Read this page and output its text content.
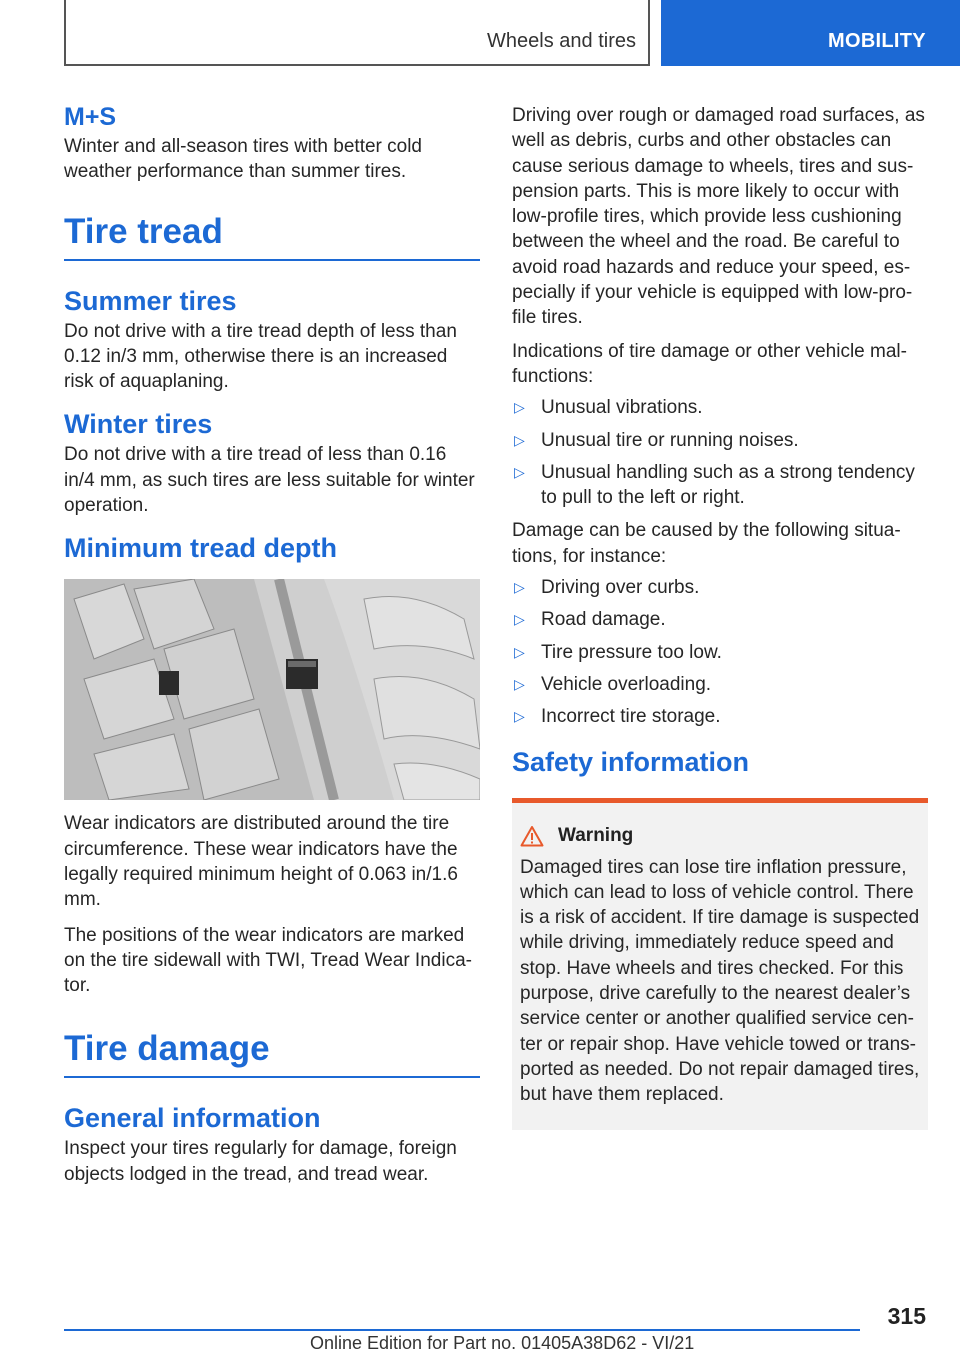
Wheels and tires	MOBILITY
M+S

Winter and all-season tires with better cold weather performance than summer tires.

Tire tread
Summer tires

Do not drive with a tire tread depth of less than 0.12 in/3 mm, otherwise there is an increased risk of aquaplaning.

Winter tires

Do not drive with a tire tread of less than 0.16 in/4 mm, as such tires are less suitable for winter operation.

Minimum tread depth

Wear indicators are distributed around the tire circumference. These wear indicators have the legally required minimum height of 0.063 in/1.6 mm.

The positions of the wear indicators are marked on the tire sidewall with TWI, Tread Wear Indica-tor.

Tire damage
General information

Inspect your tires regularly for damage, foreign objects lodged in the tread, and tread wear.

Driving over rough or damaged road surfaces, as well as debris, curbs and other obstacles can cause serious damage to wheels, tires and sus-pension parts. This is more likely to occur with low-profile tires, which provide less cushioning between the wheel and the road. Be careful to avoid road hazards and reduce your speed, es-pecially if your vehicle is equipped with low-pro-file tires.

Indications of tire damage or other vehicle mal-functions:

▷ Unusual vibrations.
▷ Unusual tire or running noises.
▷ Unusual handling such as a strong tendency to pull to the left or right.

Damage can be caused by the following situa-tions, for instance:

▷ Driving over curbs.
▷ Road damage.
▷ Tire pressure too low.
▷ Vehicle overloading.
▷ Incorrect tire storage.
Safety information
Warning

Damaged tires can lose tire inflation pressure, which can lead to loss of vehicle control. There is a risk of accident. If tire damage is suspected while driving, immediately reduce speed and stop. Have wheels and tires checked. For this purpose, drive carefully to the nearest dealer’s service center or another qualified service cen-ter or repair shop. Have vehicle towed or trans-ported as needed. Do not repair damaged tires, but have them replaced.

315
Online Edition for Part no. 01405A38D62 - VI/21
